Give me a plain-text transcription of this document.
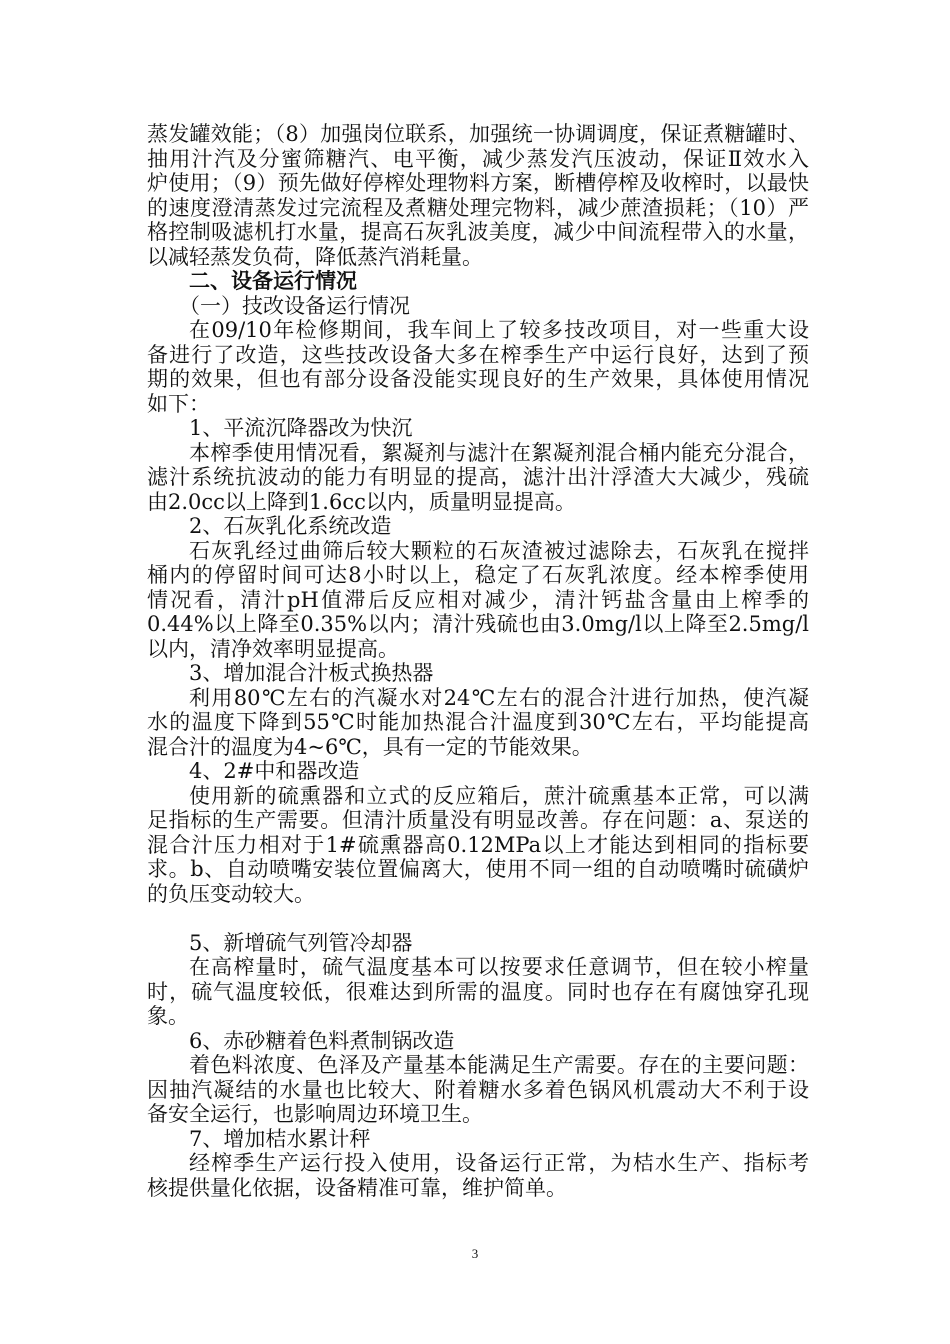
蒸发罐效能；（8）加强岗位联系，加强统一协调调度，保证煮糖罐时、
抽用汁汽及分蜜筛糖汽、电平衡，减少蒸发汽压波动，保证Ⅱ效水入
炉使用；（9）预先做好停榨处理物料方案，断槽停榨及收榨时，以最快
的速度澄清蒸发过完流程及煮糖处理完物料，减少蔗渣损耗；（10）严
格控制吸滤机打水量，提高石灰乳波美度，减少中间流程带入的水量，
以减轻蒸发负荷，降低蒸汽消耗量。
二、设备运行情况
（一）技改设备运行情况
在09/10年检修期间，我车间上了较多技改项目，对一些重大设
备进行了改造，这些技改设备大多在榨季生产中运行良好，达到了预
期的效果，但也有部分设备没能实现良好的生产效果，具体使用情况
如下：
1、平流沉降器改为快沉
本榨季使用情况看，絮凝剂与滤汁在絮凝剂混合桶内能充分混合，
滤汁系统抗波动的能力有明显的提高，滤汁出汁浮渣大大减少，残硫
由2.0cc以上降到1.6cc以内，质量明显提高。
2、石灰乳化系统改造
石灰乳经过曲筛后较大颗粒的石灰渣被过滤除去，石灰乳在搅拌
桶内的停留时间可达8小时以上，稳定了石灰乳浓度。经本榨季使用
情况看，清汁pH值滞后反应相对减少，清汁钙盐含量由上榨季的
0.44%以上降至0.35%以内；清汁残硫也由3.0mg/l以上降至2.5mg/l
以内，清净效率明显提高。
3、增加混合汁板式换热器
利用80℃左右的汽凝水对24℃左右的混合汁进行加热，使汽凝
水的温度下降到55℃时能加热混合汁温度到30℃左右，平均能提高
混合汁的温度为4~6℃，具有一定的节能效果。
4、2#中和器改造
使用新的硫熏器和立式的反应箱后，蔗汁硫熏基本正常，可以满
足指标的生产需要。但清汁质量没有明显改善。存在问题：a、泵送的
混合汁压力相对于1#硫熏器高0.12MPa以上才能达到相同的指标要
求。b、自动喷嘴安装位置偏离大，使用不同一组的自动喷嘴时硫磺炉
的负压变动较大。
5、新增硫气列管冷却器
在高榨量时，硫气温度基本可以按要求任意调节，但在较小榨量
时，硫气温度较低，很难达到所需的温度。同时也存在有腐蚀穿孔现
象。
6、赤砂糖着色料煮制锅改造
着色料浓度、色泽及产量基本能满足生产需要。存在的主要问题：
因抽汽凝结的水量也比较大、附着糖水多着色锅风机震动大不利于设
备安全运行，也影响周边环境卫生。
7、增加桔水累计秤
经榨季生产运行投入使用，设备运行正常，为桔水生产、指标考
核提供量化依据，设备精准可靠，维护简单。
3
